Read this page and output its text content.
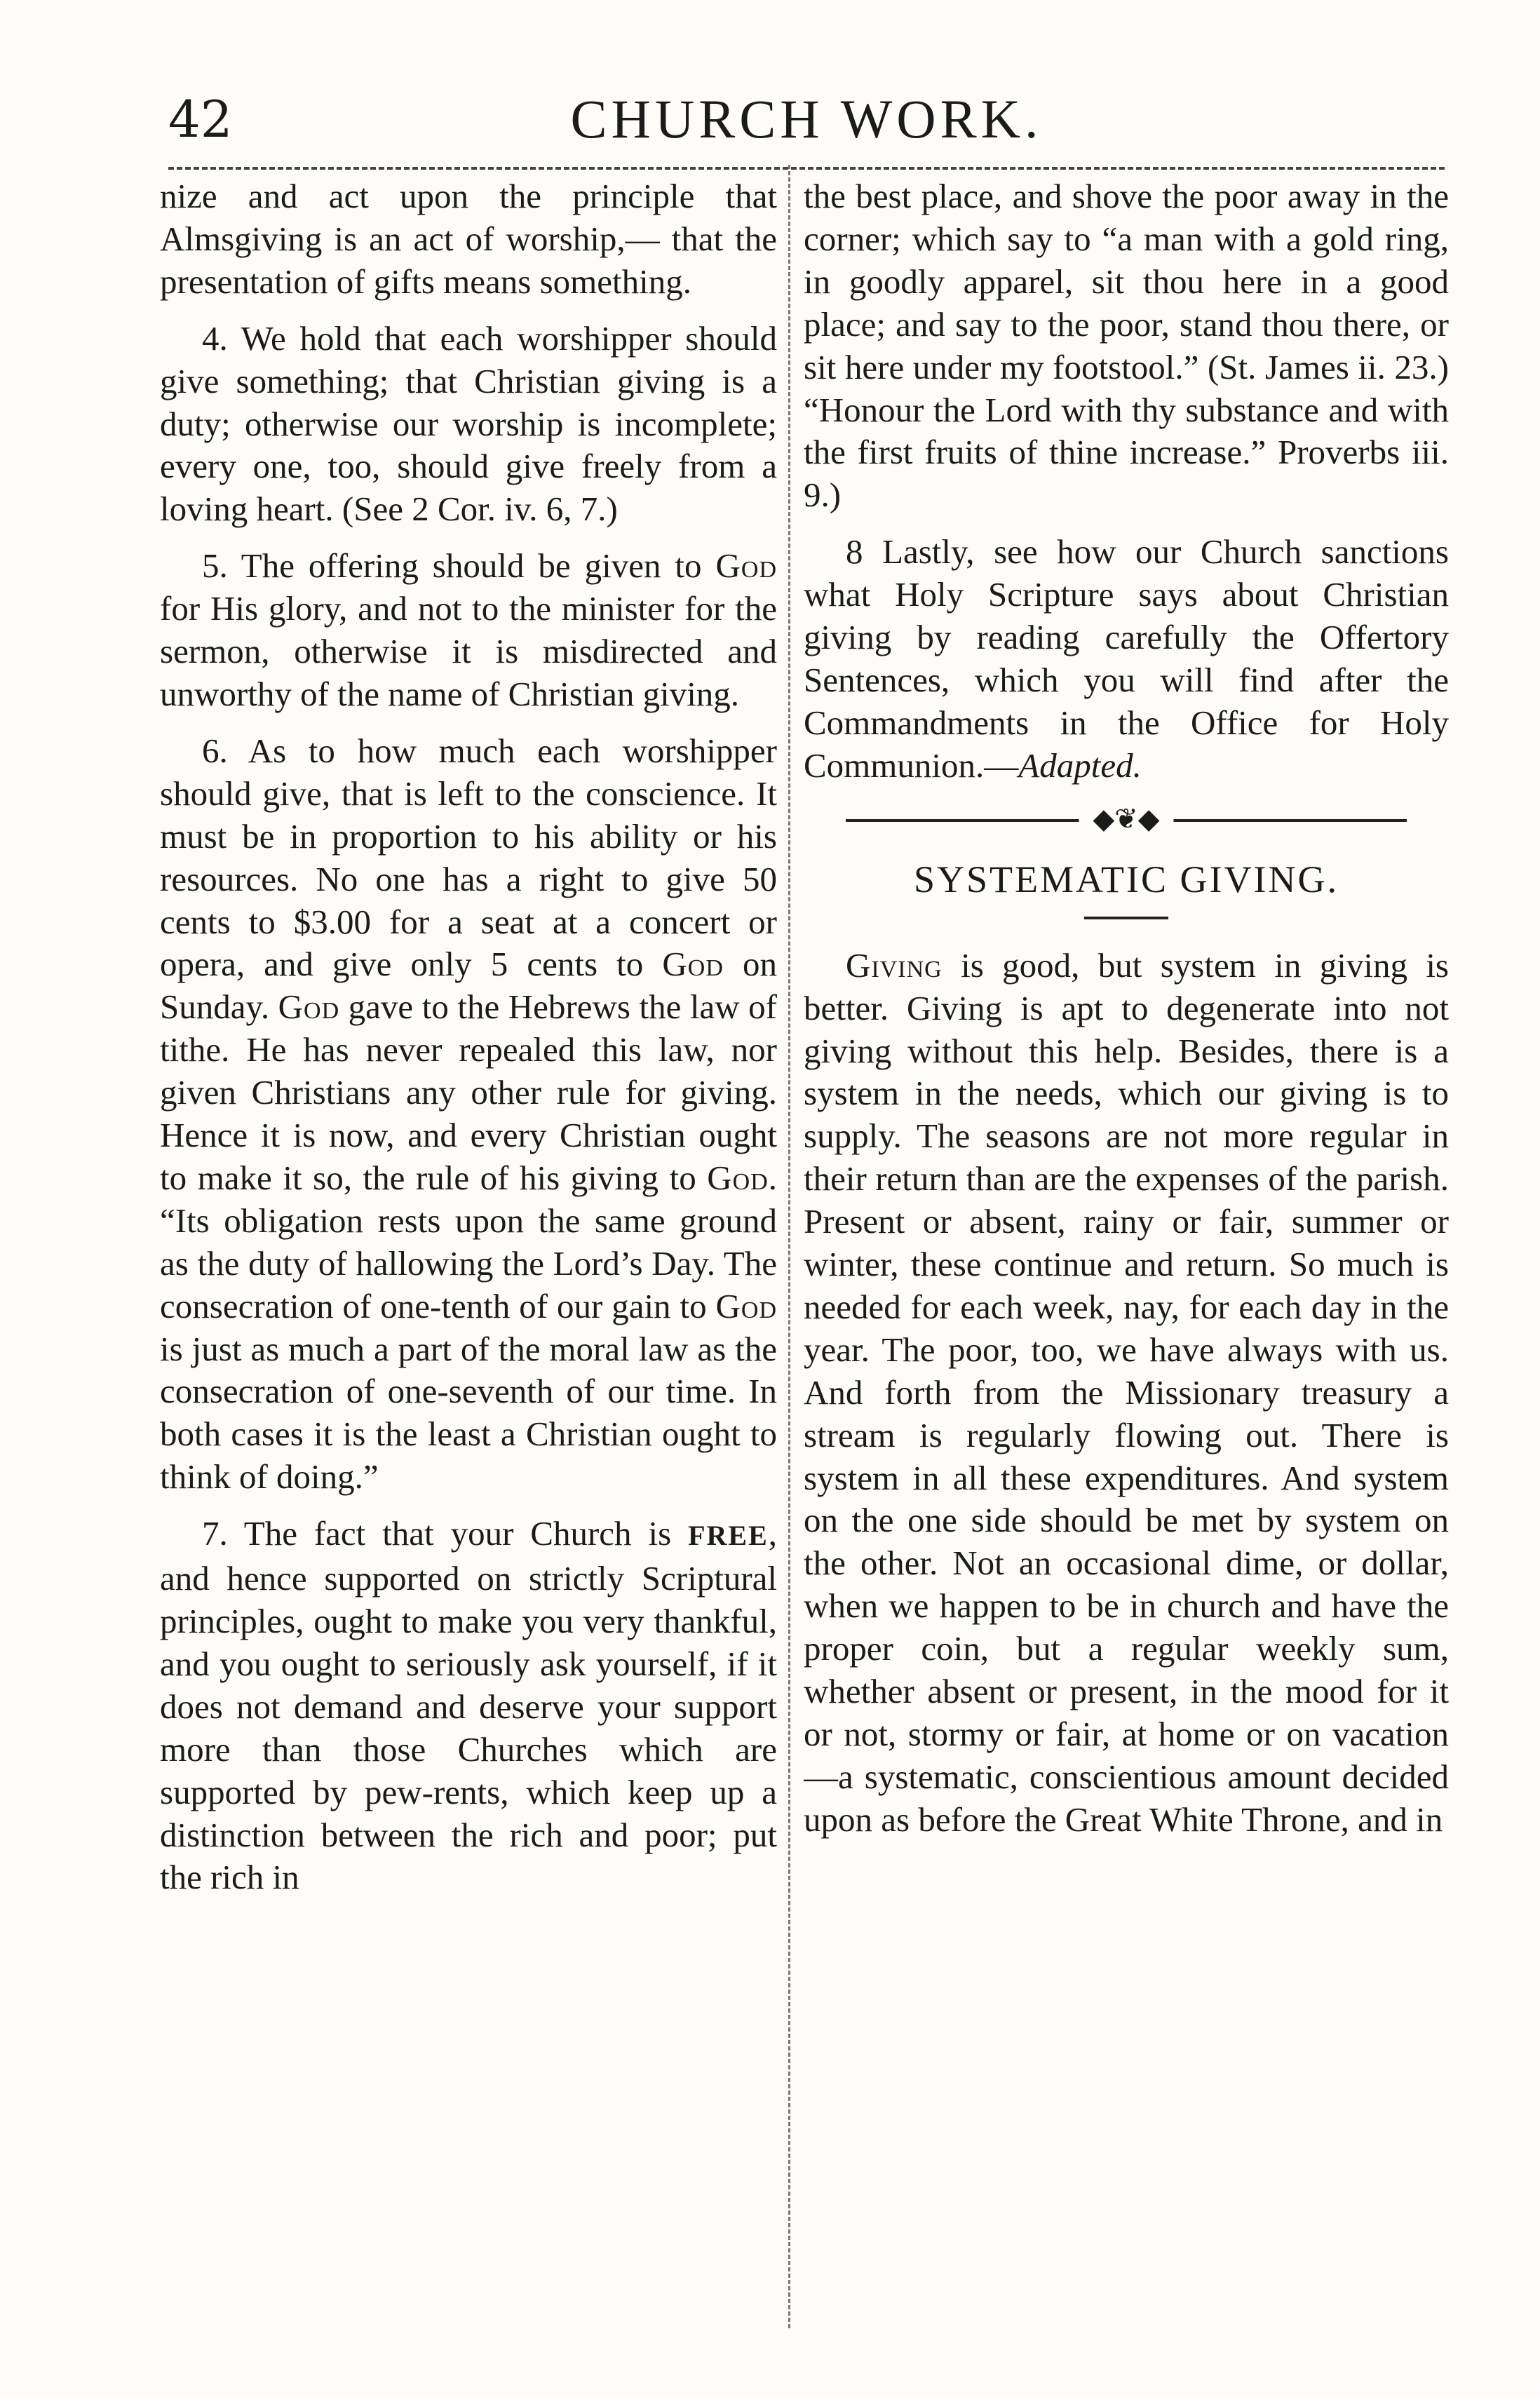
42	CHURCH WORK.

nize and act upon the principle that Almsgiving is an act of worship,— that the presentation of gifts means something.

4. We hold that each worshipper should give something; that Christian giving is a duty; otherwise our worship is incomplete; every one, too, should give freely from a loving heart. (See 2 Cor. iv. 6, 7.)

5. The offering should be given to God for His glory, and not to the minister for the sermon, otherwise it is misdirected and unworthy of the name of Christian giving.

6. As to how much each worshipper should give, that is left to the conscience. It must be in proportion to his ability or his resources. No one has a right to give 50 cents to $3.00 for a seat at a concert or opera, and give only 5 cents to God on Sunday. God gave to the Hebrews the law of tithe. He has never repealed this law, nor given Christians any other rule for giving. Hence it is now, and every Christian ought to make it so, the rule of his giving to God. “Its obligation rests upon the same ground as the duty of hallowing the Lord’s Day. The consecration of one-tenth of our gain to God is just as much a part of the moral law as the consecration of one-seventh of our time. In both cases it is the least a Christian ought to think of doing.”

7. The fact that your Church is FREE, and hence supported on strictly Scriptural principles, ought to make you very thankful, and you ought to seriously ask yourself, if it does not demand and deserve your support more than those Churches which are supported by pew-rents, which keep up a distinction between the rich and poor; put the rich in

the best place, and shove the poor away in the corner; which say to “a man with a gold ring, in goodly apparel, sit thou here in a good place; and say to the poor, stand thou there, or sit here under my footstool.” (St. James ii. 23.) “Honour the Lord with thy substance and with the first fruits of thine increase.” Proverbs iii. 9.)

8 Lastly, see how our Church sanctions what Holy Scripture says about Christian giving by reading carefully the Offertory Sentences, which you will find after the Commandments in the Office for Holy Communion.—Adapted.

◆❦◆
SYSTEMATIC GIVING.

Giving is good, but system in giving is better. Giving is apt to degenerate into not giving without this help. Besides, there is a system in the needs, which our giving is to supply. The seasons are not more regular in their return than are the expenses of the parish. Present or absent, rainy or fair, summer or winter, these continue and return. So much is needed for each week, nay, for each day in the year. The poor, too, we have always with us. And forth from the Missionary treasury a stream is regularly flowing out. There is system in all these expenditures. And system on the one side should be met by system on the other. Not an occasional dime, or dollar, when we happen to be in church and have the proper coin, but a regular weekly sum, whether absent or present, in the mood for it or not, stormy or fair, at home or on vacation—a systematic, conscientious amount decided upon as before the Great White Throne, and in
